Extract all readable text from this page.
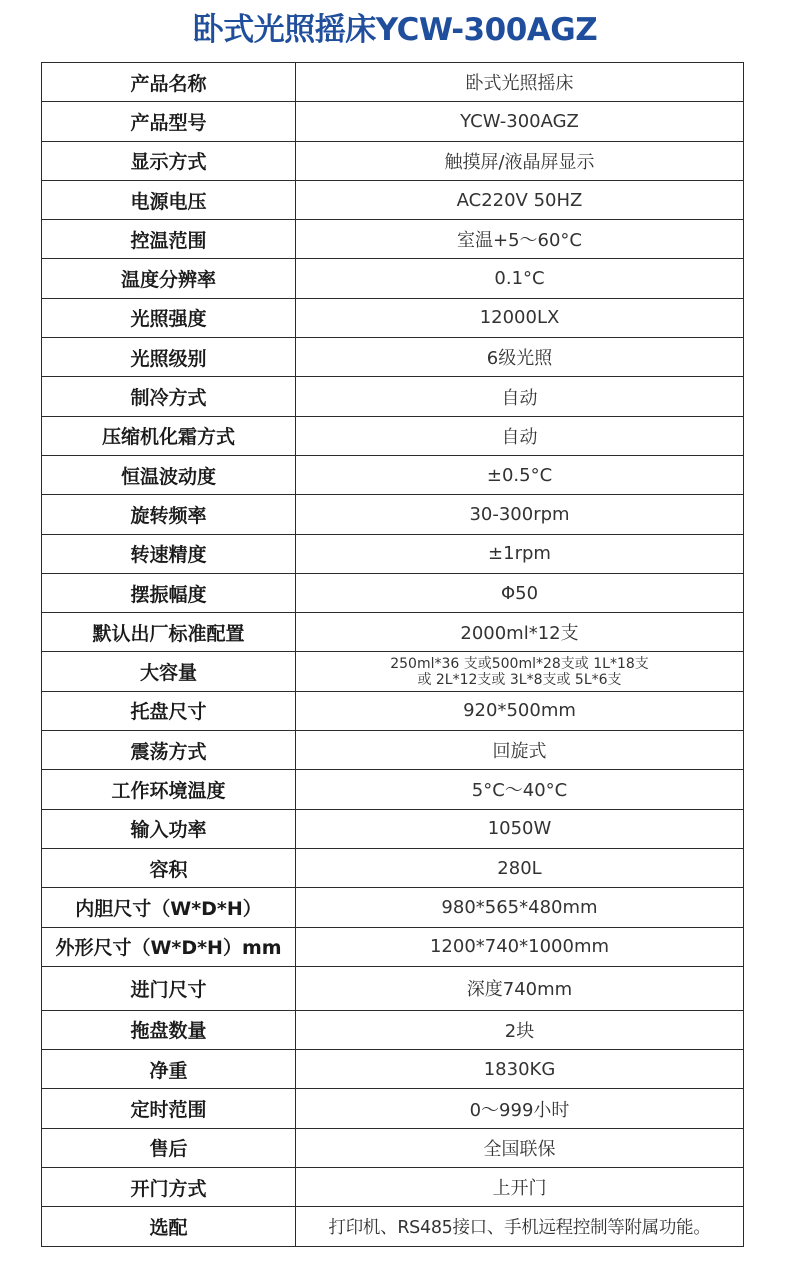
卧式光照摇床YCW-300AGZ
产品名称	卧式光照摇床
产品型号	YCW-300AGZ
显示方式	触摸屏/液晶屏显示
电源电压	AC220V 50HZ
控温范围	室温+5～60°C
温度分辨率	0.1°C
光照强度	12000LX
光照级别	6级光照
制冷方式	自动
压缩机化霜方式	自动
恒温波动度	±0.5°C
旋转频率	30-300rpm
转速精度	±1rpm
摆振幅度	Φ50
默认出厂标准配置	2000ml*12支
大容量	250ml*36 支或500ml*28支或 1L*18支
或 2L*12支或 3L*8支或 5L*6支

托盘尺寸	920*500mm
震荡方式	回旋式
工作环境温度	5°C～40°C
输入功率	1050W
容积	280L
内胆尺寸（W*D*H）	980*565*480mm
外形尺寸（W*D*H）mm	1200*740*1000mm
进门尺寸	深度740mm
拖盘数量	2块
净重	1830KG
定时范围	0～999小时
售后	全国联保
开门方式	上开门
选配	打印机、RS485接口、手机远程控制等附属功能。
